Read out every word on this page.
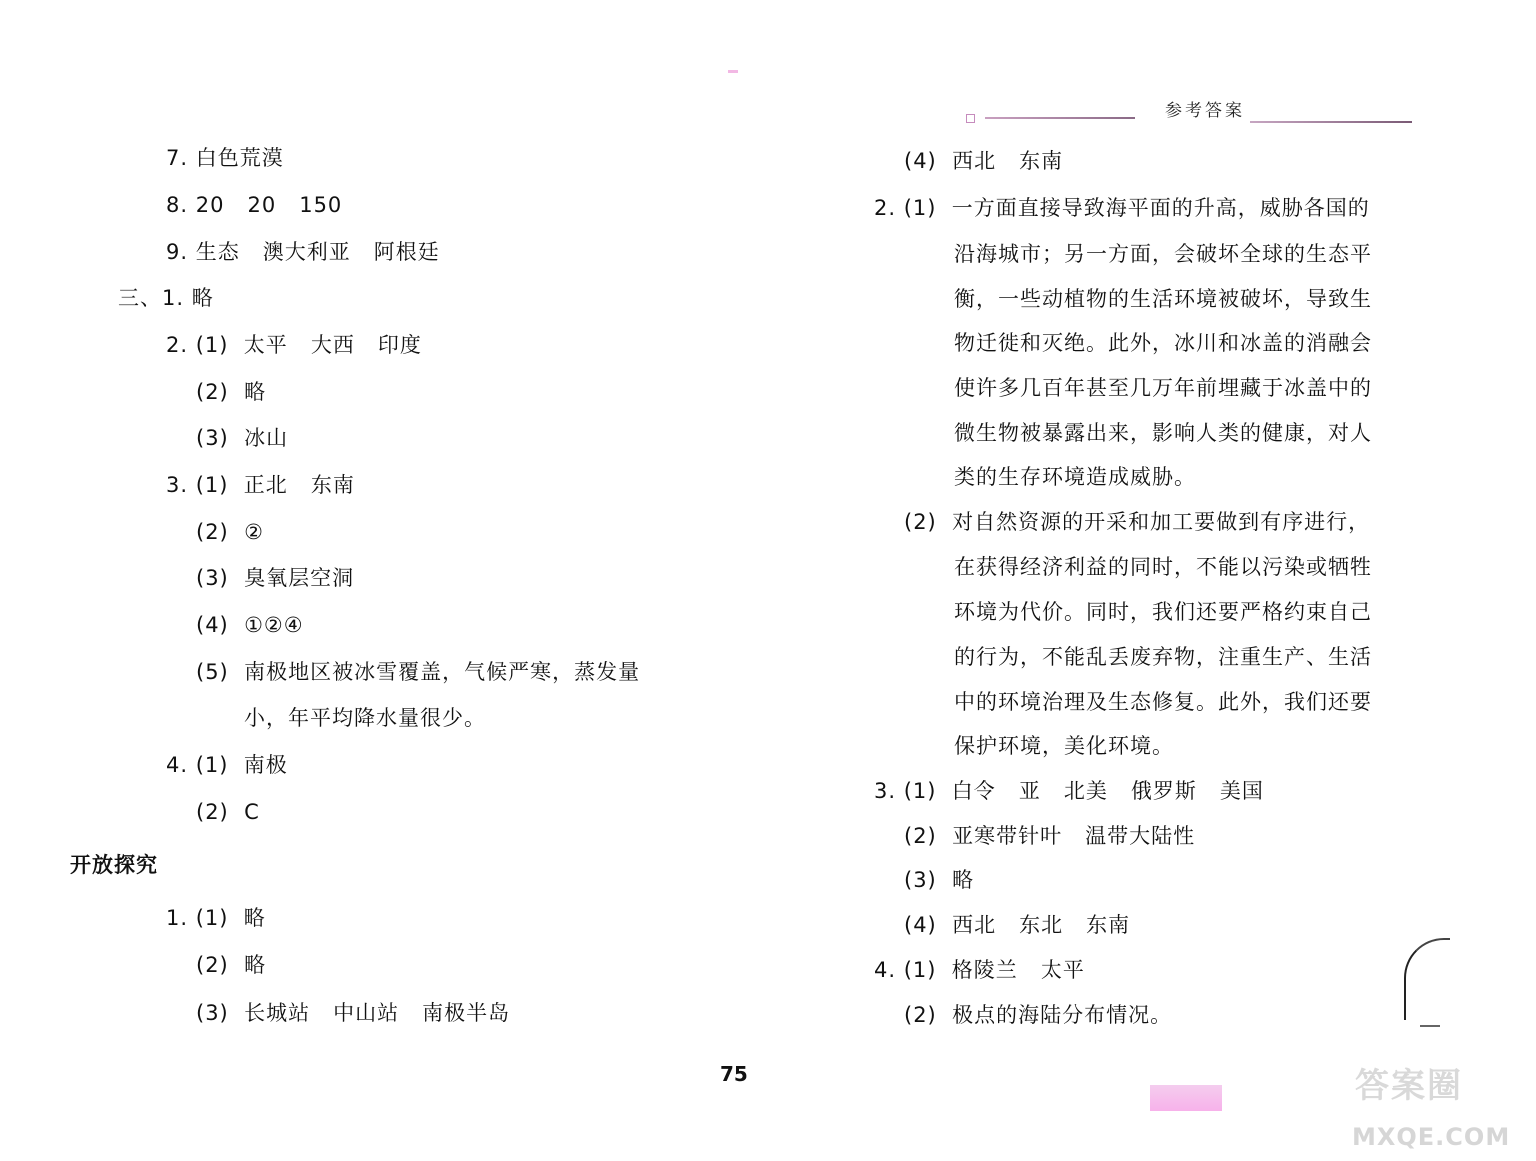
参考答案
7. 白色荒漠
8. 20   20   150
9. 生态   澳大利亚   阿根廷
三、1. 略
2. (1)  太平   大西   印度
(2)  略
(3)  冰山
3. (1)  正北   东南
(2)  ②
(3)  臭氧层空洞
(4)  ①②④
(5)  南极地区被冰雪覆盖，气候严寒，蒸发量
小，年平均降水量很少。
4. (1)  南极
(2)  C
开放探究
1. (1)  略
(2)  略
(3)  长城站   中山站   南极半岛
(4)  西北   东南
2. (1)  一方面直接导致海平面的升高，威胁各国的
沿海城市；另一方面，会破坏全球的生态平
衡，一些动植物的生活环境被破坏，导致生
物迁徙和灭绝。此外，冰川和冰盖的消融会
使许多几百年甚至几万年前埋藏于冰盖中的
微生物被暴露出来，影响人类的健康，对人
类的生存环境造成威胁。
(2)  对自然资源的开采和加工要做到有序进行，
在获得经济利益的同时，不能以污染或牺牲
环境为代价。同时，我们还要严格约束自己
的行为，不能乱丢废弃物，注重生产、生活
中的环境治理及生态修复。此外，我们还要
保护环境，美化环境。
3. (1)  白令   亚   北美   俄罗斯   美国
(2)  亚寒带针叶   温带大陆性
(3)  略
(4)  西北   东北   东南
4. (1)  格陵兰   太平
(2)  极点的海陆分布情况。
75	答案圈
MXQE.COM
